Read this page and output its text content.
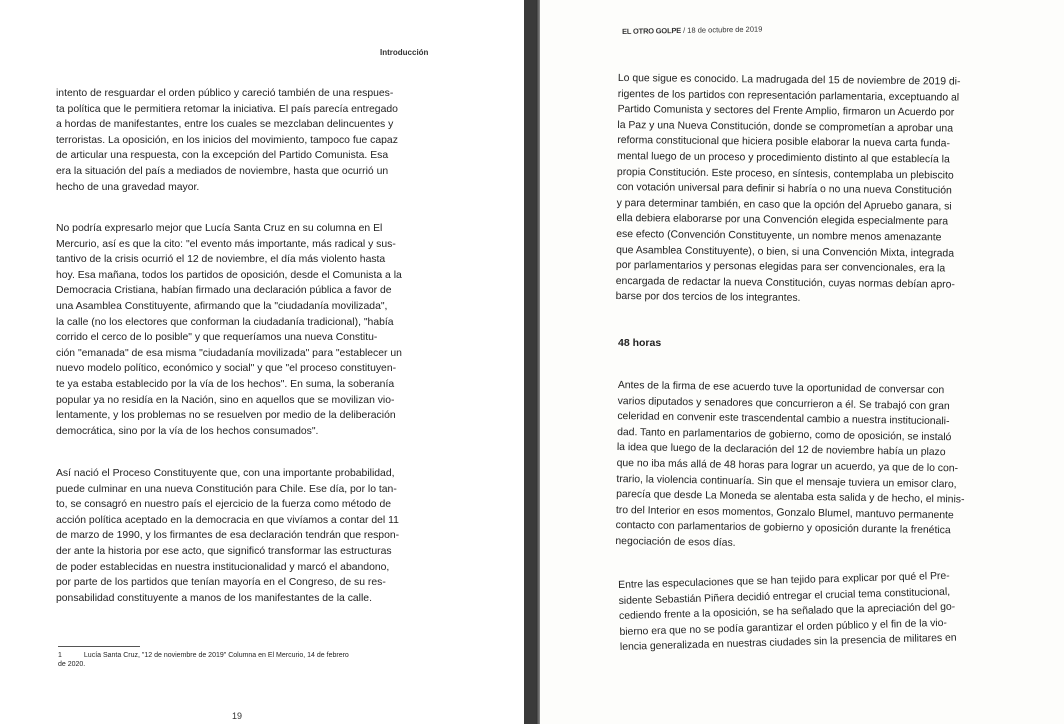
Introducción
intento de resguardar el orden público y careció también de una respues-
ta política que le permitiera retomar la iniciativa. El país parecía entregado
a hordas de manifestantes, entre los cuales se mezclaban delincuentes y
terroristas. La oposición, en los inicios del movimiento, tampoco fue capaz
de articular una respuesta, con la excepción del Partido Comunista. Esa
era la situación del país a mediados de noviembre, hasta que ocurrió un
hecho de una gravedad mayor.
No podría expresarlo mejor que Lucía Santa Cruz en su columna en El
Mercurio, así es que la cito: "el evento más importante, más radical y sus-
tantivo de la crisis ocurrió el 12 de noviembre, el día más violento hasta
hoy. Esa mañana, todos los partidos de oposición, desde el Comunista a la
Democracia Cristiana, habían firmado una declaración pública a favor de
una Asamblea Constituyente, afirmando que la "ciudadanía movilizada",
la calle (no los electores que conforman la ciudadanía tradicional), "había
corrido el cerco de lo posible" y que requeríamos una nueva Constitu-
ción "emanada" de esa misma "ciudadanía movilizada" para "establecer un
nuevo modelo político, económico y social" y que "el proceso constituyen-
te ya estaba establecido por la vía de los hechos". En suma, la soberanía
popular ya no residía en la Nación, sino en aquellos que se movilizan vio-
lentamente, y los problemas no se resuelven por medio de la deliberación
democrática, sino por la vía de los hechos consumados".
Así nació el Proceso Constituyente que, con una importante probabilidad,
puede culminar en una nueva Constitución para Chile. Ese día, por lo tan-
to, se consagró en nuestro país el ejercicio de la fuerza como método de
acción política aceptado en la democracia en que vivíamos a contar del 11
de marzo de 1990, y los firmantes de esa declaración tendrán que respon-
der ante la historia por ese acto, que significó transformar las estructuras
de poder establecidas en nuestra institucionalidad y marcó el abandono,
por parte de los partidos que tenían mayoría en el Congreso, de su res-
ponsabilidad constituyente a manos de los manifestantes de la calle.
1	Lucía Santa Cruz, "12 de noviembre de 2019" Columna en El Mercurio, 14 de febrero
de 2020.
19
EL OTRO GOLPE / 18 de octubre de 2019
Lo que sigue es conocido. La madrugada del 15 de noviembre de 2019 di-
rigentes de los partidos con representación parlamentaria, exceptuando al
Partido Comunista y sectores del Frente Amplio, firmaron un Acuerdo por
la Paz y una Nueva Constitución, donde se comprometían a aprobar una
reforma constitucional que hiciera posible elaborar la nueva carta funda-
mental luego de un proceso y procedimiento distinto al que establecía la
propia Constitución. Este proceso, en síntesis, contemplaba un plebiscito
con votación universal para definir si habría o no una nueva Constitución
y para determinar también, en caso que la opción del Apruebo ganara, si
ella debiera elaborarse por una Convención elegida especialmente para
ese efecto (Convención Constituyente, un nombre menos amenazante
que Asamblea Constituyente), o bien, si una Convención Mixta, integrada
por parlamentarios y personas elegidas para ser convencionales, era la
encargada de redactar la nueva Constitución, cuyas normas debían apro-
barse por dos tercios de los integrantes.
48 horas
Antes de la firma de ese acuerdo tuve la oportunidad de conversar con
varios diputados y senadores que concurrieron a él. Se trabajó con gran
celeridad en convenir este trascendental cambio a nuestra institucionali-
dad. Tanto en parlamentarios de gobierno, como de oposición, se instaló
la idea que luego de la declaración del 12 de noviembre había un plazo
que no iba más allá de 48 horas para lograr un acuerdo, ya que de lo con-
trario, la violencia continuaría. Sin que el mensaje tuviera un emisor claro,
parecía que desde La Moneda se alentaba esta salida y de hecho, el minis-
tro del Interior en esos momentos, Gonzalo Blumel, mantuvo permanente
contacto con parlamentarios de gobierno y oposición durante la frenética
negociación de esos días.
Entre las especulaciones que se han tejido para explicar por qué el Pre-
sidente Sebastián Piñera decidió entregar el crucial tema constitucional,
cediendo frente a la oposición, se ha señalado que la apreciación del go-
bierno era que no se podía garantizar el orden público y el fin de la vio-
lencia generalizada en nuestras ciudades sin la presencia de militares en
